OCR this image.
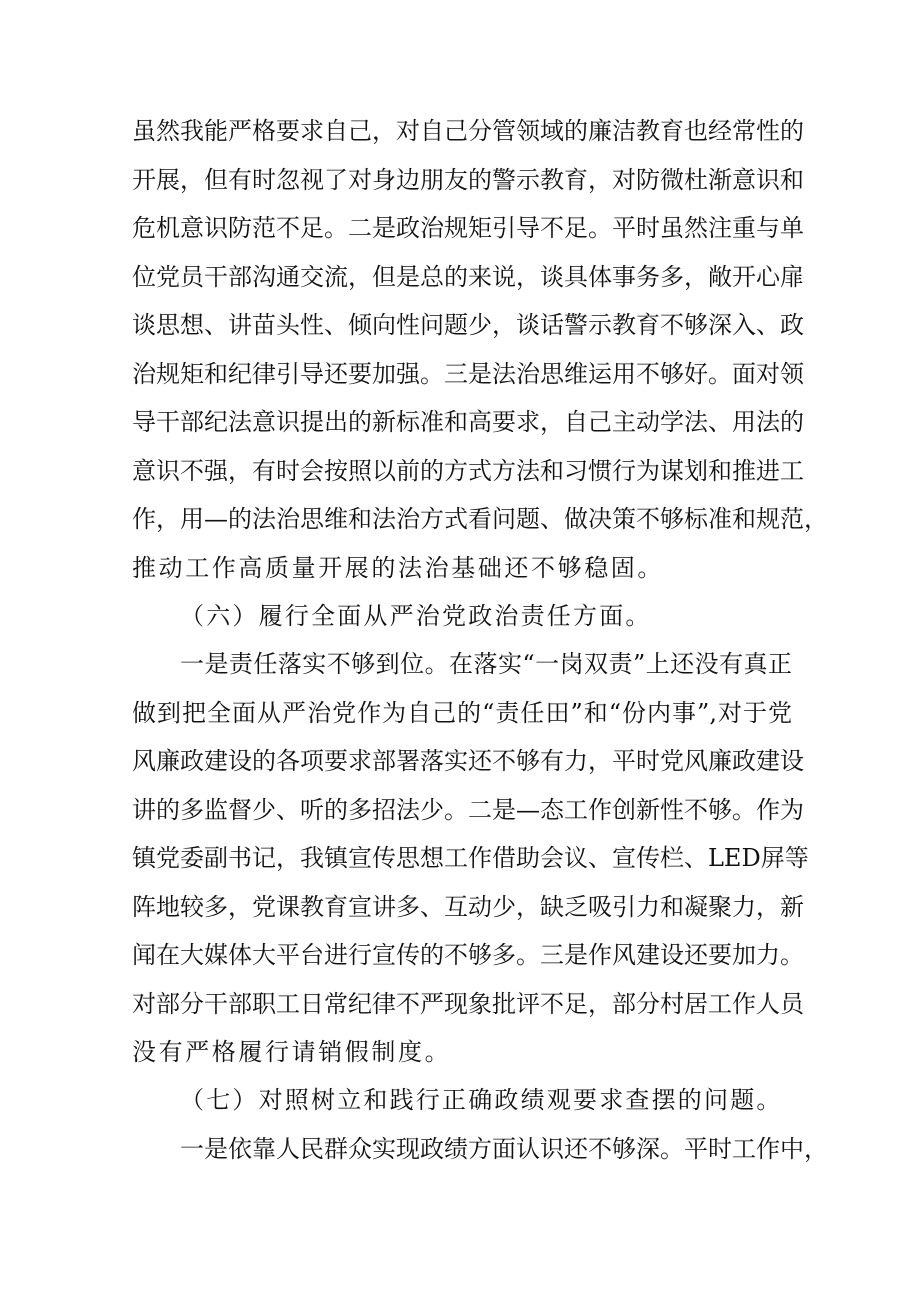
虽然我能严格要求自己，对自己分管领域的廉洁教育也经常性的
开展，但有时忽视了对身边朋友的警示教育，对防微杜渐意识和
危机意识防范不足。二是政治规矩引导不足。平时虽然注重与单
位党员干部沟通交流，但是总的来说，谈具体事务多，敞开心扉
谈思想、讲苗头性、倾向性问题少，谈话警示教育不够深入、政
治规矩和纪律引导还要加强。三是法治思维运用不够好。面对领
导干部纪法意识提出的新标准和高要求，自己主动学法、用法的
意识不强，有时会按照以前的方式方法和习惯行为谋划和推进工
作，用—的法治思维和法治方式看问题、做决策不够标准和规范，
推动工作高质量开展的法治基础还不够稳固。
（六）履行全面从严治党政治责任方面。
一是责任落实不够到位。在落实“一岗双责”上还没有真正
做到把全面从严治党作为自己的“责任田”和“份内事”,对于党
风廉政建设的各项要求部署落实还不够有力，平时党风廉政建设
讲的多监督少、听的多招法少。二是—态工作创新性不够。作为
镇党委副书记，我镇宣传思想工作借助会议、宣传栏、LED屏等
阵地较多，党课教育宣讲多、互动少，缺乏吸引力和凝聚力，新
闻在大媒体大平台进行宣传的不够多。三是作风建设还要加力。
对部分干部职工日常纪律不严现象批评不足，部分村居工作人员
没有严格履行请销假制度。
（七）对照树立和践行正确政绩观要求查摆的问题。
一是依靠人民群众实现政绩方面认识还不够深。平时工作中，
